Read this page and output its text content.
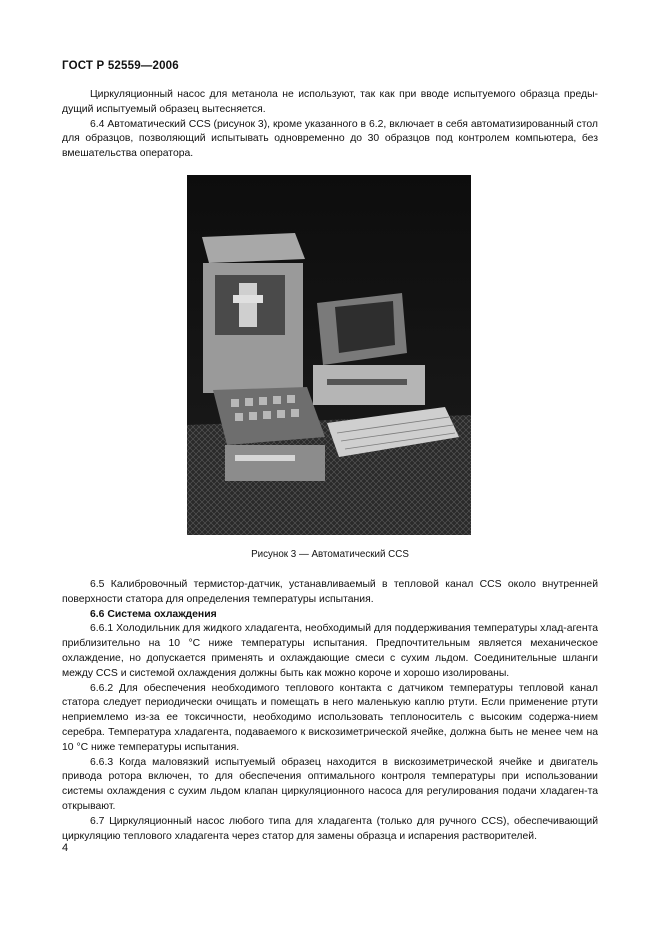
ГОСТ Р 52559—2006

Циркуляционный насос для метанола не используют, так как при вводе испытуемого образца преды-дущий испытуемый образец вытесняется.

6.4 Автоматический CCS (рисунок 3), кроме указанного в 6.2, включает в себя автоматизированный стол для образцов, позволяющий испытывать одновременно до 30 образцов под контролем компьютера, без вмешательства оператора.

Рисунок 3 — Автоматический CCS

6.5 Калибровочный термистор-датчик, устанавливаемый в тепловой канал CCS около внутренней поверхности статора для определения температуры испытания.

6.6 Система охлаждения

6.6.1 Холодильник для жидкого хладагента, необходимый для поддерживания температуры хлад-агента приблизительно на 10 °С ниже температуры испытания. Предпочтительным является механическое охлаждение, но допускается применять и охлаждающие смеси с сухим льдом. Соединительные шланги между CCS и системой охлаждения должны быть как можно короче и хорошо изолированы.

6.6.2 Для обеспечения необходимого теплового контакта с датчиком температуры тепловой канал статора следует периодически очищать и помещать в него маленькую каплю ртути. Если применение ртути неприемлемо из-за ее токсичности, необходимо использовать теплоноситель с высоким содержа-нием серебра. Температура хладагента, подаваемого к вискозиметрической ячейке, должна быть не менее чем на 10 °С ниже температуры испытания.

6.6.3 Когда маловязкий испытуемый образец находится в вискозиметрической ячейке и двигатель привода ротора включен, то для обеспечения оптимального контроля температуры при использовании системы охлаждения с сухим льдом клапан циркуляционного насоса для регулирования подачи хладаген-та открывают.

6.7 Циркуляционный насос любого типа для хладагента (только для ручного CCS), обеспечивающий циркуляцию теплового хладагента через статор для замены образца и испарения растворителей.

4
